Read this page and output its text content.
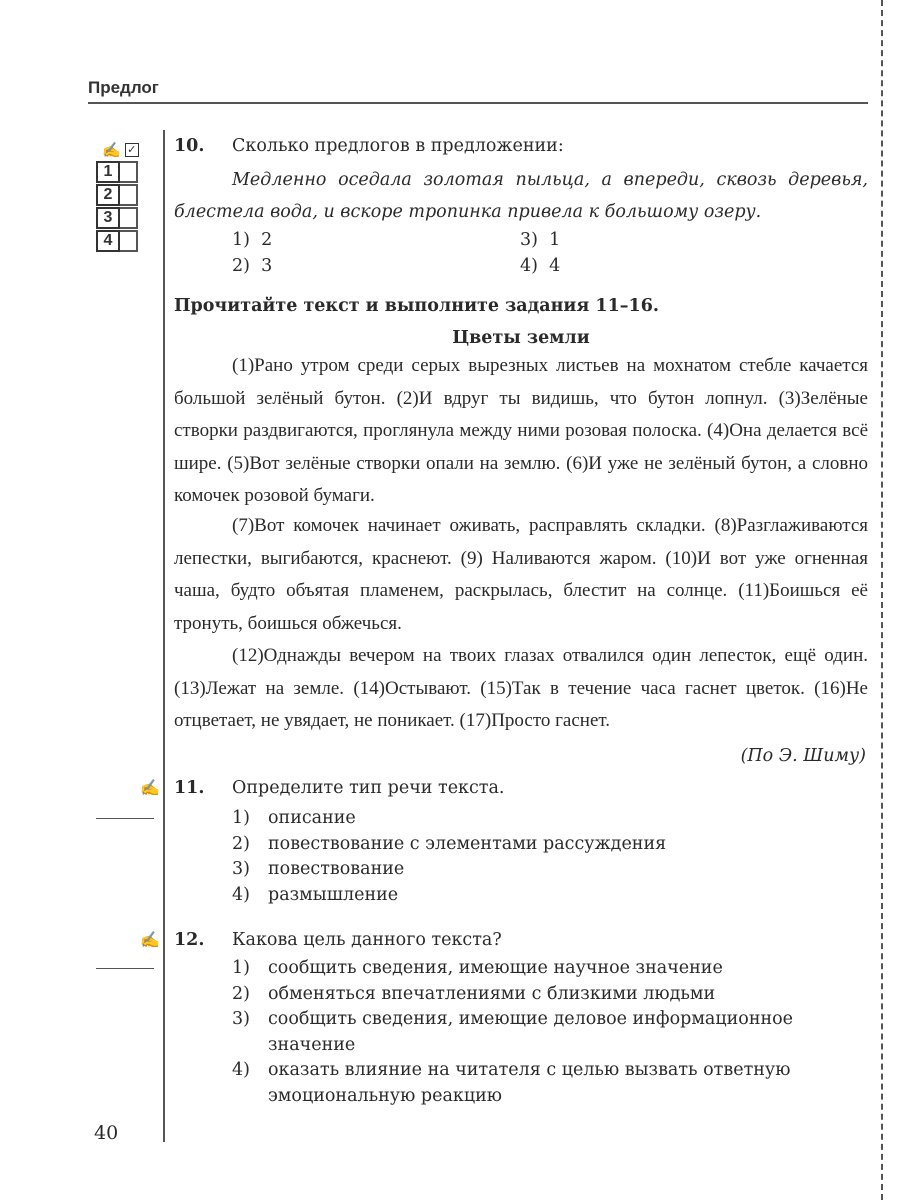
Предлог
✍ ✓
1
2
3
4
✍
✍
10. Сколько предлогов в предложении:
Медленно оседала золотая пыльца, а впереди, сквозь деревья, блестела вода, и вскоре тропинка привела к большому озеру.
1) 2
2) 3
3) 1
4) 4
Прочитайте текст и выполните задания 11–16.
Цветы земли
(1)Рано утром среди серых вырезных листьев на мохнатом стебле качается большой зелёный бутон. (2)И вдруг ты видишь, что бутон лопнул. (3)Зелёные створки раздвигаются, проглянула между ними розовая полоска. (4)Она делается всё шире. (5)Вот зелёные створки опали на землю. (6)И уже не зелёный бутон, а словно комочек розовой бумаги.
(7)Вот комочек начинает оживать, расправлять складки. (8)Разглаживаются лепестки, выгибаются, краснеют. (9) Наливаются жаром. (10)И вот уже огненная чаша, будто объятая пламенем, раскрылась, блестит на солнце. (11)Боишься её тронуть, боишься обжечься.
(12)Однажды вечером на твоих глазах отвалился один лепесток, ещё один. (13)Лежат на земле. (14)Остывают. (15)Так в течение часа гаснет цветок. (16)Не отцветает, не увядает, не поникает. (17)Просто гаснет.
(По Э. Шиму)
11. Определите тип речи текста.
1) описание
2) повествование с элементами рассуждения
3) повествование
4) размышление
12. Какова цель данного текста?
1) сообщить сведения, имеющие научное значение
2) обменяться впечатлениями с близкими людьми
3) сообщить сведения, имеющие деловое информационное значение
4) оказать влияние на читателя с целью вызвать ответную эмоциональную реакцию
40
